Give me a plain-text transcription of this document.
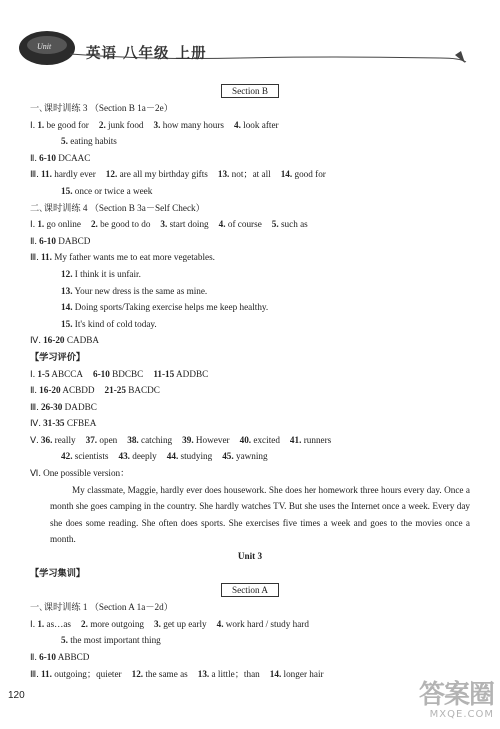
Unit 英语 八年级 上册
Section B
一､课时训练 3 （Section B 1a－2e）
Ⅰ. 1. be good for 2. junk food 3. how many hours 4. look after
5. eating habits
Ⅱ. 6-10 DCAAC
Ⅲ. 11. hardly ever 12. are all my birthday gifts 13. not；at all 14. good for
15. once or twice a week
二､课时训练 4 （Section B 3a－Self Check）
Ⅰ. 1. go online 2. be good to do 3. start doing 4. of course 5. such as
Ⅱ. 6-10 DABCD
Ⅲ. 11. My father wants me to eat more vegetables.
12. I think it is unfair.
13. Your new dress is the same as mine.
14. Doing sports/Taking exercise helps me keep healthy.
15. It's kind of cold today.
Ⅳ. 16-20 CADBA
【学习评价】
Ⅰ. 1-5 ABCCA 6-10 BDCBC 11-15 ADDBC
Ⅱ. 16-20 ACBDD 21-25 BACDC
Ⅲ. 26-30 DADBC
Ⅳ. 31-35 CFBEA
Ⅴ. 36. really 37. open 38. catching 39. However 40. excited 41. runners
42. scientists 43. deeply 44. studying 45. yawning
Ⅵ. One possible version：

My classmate, Maggie, hardly ever does housework. She does her homework three hours every day. Once a month she goes camping in the country. She hardly watches TV. But she uses the Internet once a week. Every day she does some reading. She often does sports. She exercises five times a week and goes to the movies once a month.

Unit 3
【学习集训】
Section A
一､课时训练 1 （Section A 1a－2d）
Ⅰ. 1. as…as 2. more outgoing 3. get up early 4. work hard / study hard
5. the most important thing
Ⅱ. 6-10 ABBCD
Ⅲ. 11. outgoing；quieter 12. the same as 13. a little；than 14. longer hair
120	答案圈
MXQE.COM
